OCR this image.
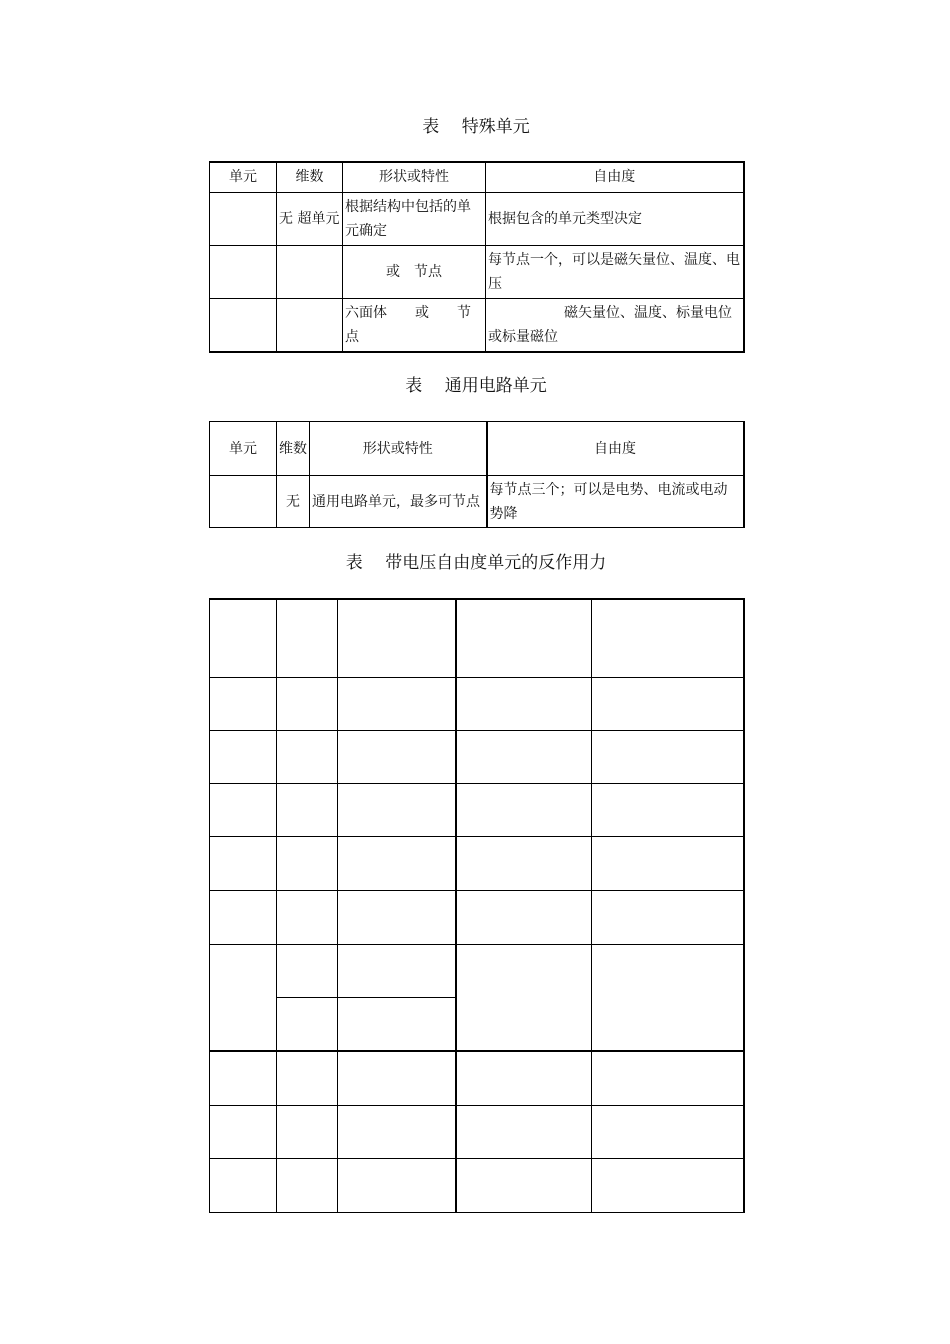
表　 特殊单元
单元	维数	形状或特性	自由度
	无 超单元	根据结构中包括的单元确定	根据包含的单元类型决定
		或　节点	每节点一个，可以是磁矢量位、温度、电压
		六面体　　或　　节点	磁矢量位、温度、标量电位或标量磁位
表　 通用电路单元
单元	维数	形状或特性	自由度
	无	通用电路单元，最多可节点	每节点三个；可以是电势、电流或电动势降
表　 带电压自由度单元的反作用力
